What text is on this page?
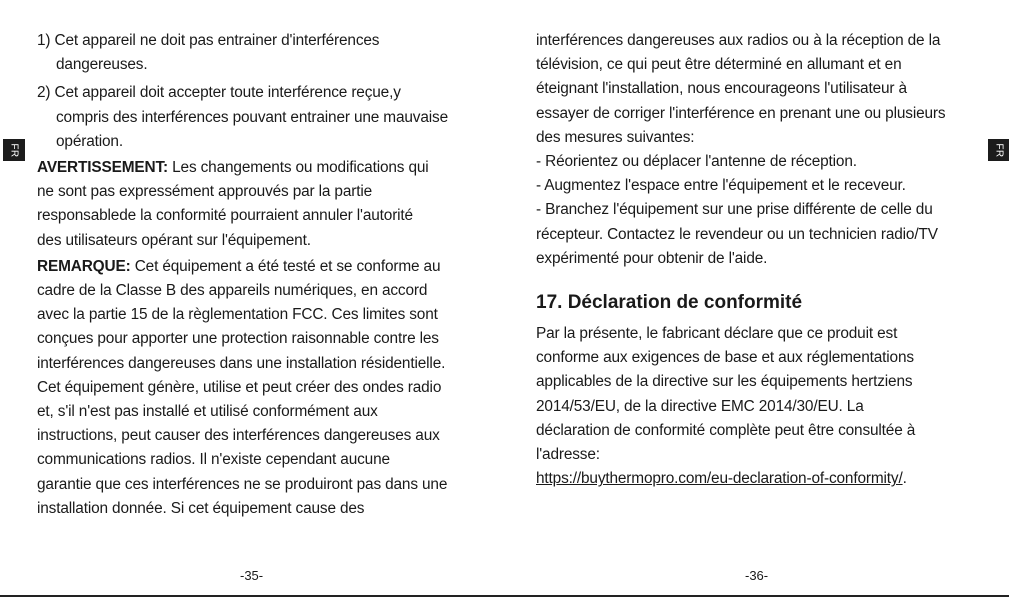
FR
1) Cet appareil ne doit pas entrainer d'interférences
dangereuses.
2) Cet appareil doit accepter toute interférence reçue,y
compris des interférences pouvant entrainer une mauvaise
opération.
AVERTISSEMENT: Les changements ou modifications qui
ne sont pas expressément approuvés par la partie
responsablede la conformité pourraient annuler l'autorité
des utilisateurs opérant sur l'équipement.
REMARQUE: Cet équipement a été testé et se conforme au
cadre de la Classe B des appareils numériques, en accord
avec la partie 15 de la règlementation FCC. Ces limites sont
conçues pour apporter une protection raisonnable contre les
interférences dangereuses dans une installation résidentielle.
Cet équipement génère, utilise et peut créer des ondes radio
et, s'il n'est pas installé et utilisé conformément aux
instructions, peut causer des interférences dangereuses aux
communications radios. Il n'existe cependant aucune
garantie que ces interférences ne se produiront pas dans une
installation donnée. Si cet équipement cause des
-35-
FR
interférences dangereuses aux radios ou à la réception de la
télévision, ce qui peut être déterminé en allumant et en
éteignant l'installation, nous encourageons l'utilisateur à
essayer de corriger l'interférence en prenant une ou plusieurs
des mesures suivantes:
- Réorientez ou déplacer l'antenne de réception.
- Augmentez l'espace entre l'équipement et le receveur.
- Branchez l'équipement sur une prise différente de celle du
récepteur. Contactez le revendeur ou un technicien radio/TV
expérimenté pour obtenir de l'aide.
17. Déclaration de conformité
Par la présente, le fabricant déclare que ce produit est
conforme aux exigences de base et aux réglementations
applicables de la directive sur les équipements hertziens
2014/53/EU, de la directive EMC 2014/30/EU. La
déclaration de conformité complète peut être consultée à
l'adresse:
https://buythermopro.com/eu-declaration-of-conformity/.
-36-
